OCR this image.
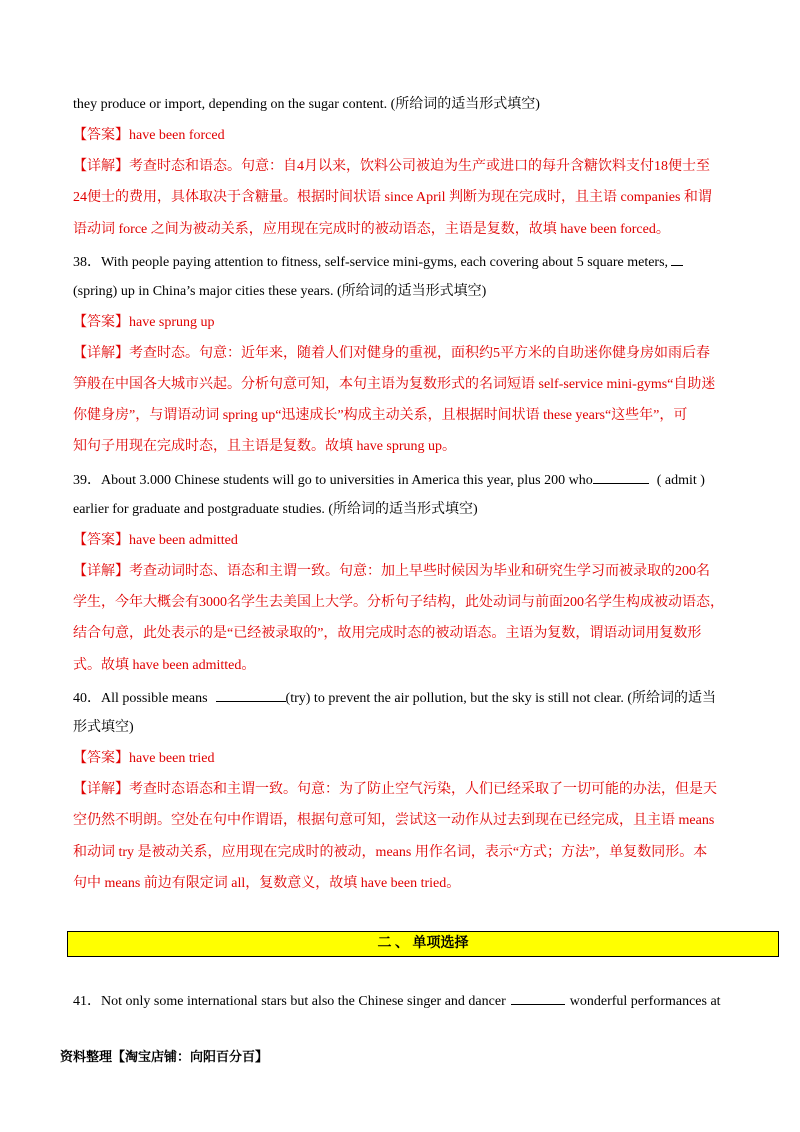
they produce or import, depending on the sugar content. (所给词的适当形式填空)
【答案】have been forced
【详解】考查时态和语态。句意：自4月以来，饮料公司被迫为生产或进口的每升含糖饮料支付18便士至
24便士的费用，具体取决于含糖量。根据时间状语 since April 判断为现在完成时，且主语 companies 和谓
语动词 force 之间为被动关系，应用现在完成时的被动语态，主语是复数，故填 have been forced。
38．With people paying attention to fitness, self-service mini-gyms, each covering about 5 square meters,
(spring) up in China’s major cities these years. (所给词的适当形式填空)
【答案】have sprung up
【详解】考查时态。句意：近年来，随着人们对健身的重视，面积约5平方米的自助迷你健身房如雨后春
笋般在中国各大城市兴起。分析句意可知，本句主语为复数形式的名词短语 self-service mini-gyms“自助迷
你健身房”，与谓语动词 spring up“迅速成长”构成主动关系，且根据时间状语 these years“这些年”，可
知句子用现在完成时态，且主语是复数。故填 have sprung up。
39．About 3.000 Chinese students will go to universities in America this year, plus 200 who	( admit )
earlier for graduate and postgraduate studies. (所给词的适当形式填空)
【答案】have been admitted
【详解】考查动词时态、语态和主谓一致。句意：加上早些时候因为毕业和研究生学习而被录取的200名
学生，今年大概会有3000名学生去美国上大学。分析句子结构，此处动词与前面200名学生构成被动语态，
结合句意，此处表示的是“已经被录取的”，故用完成时态的被动语态。主语为复数，谓语动词用复数形
式。故填 have been admitted。
40．All possible means	(try) to prevent the air pollution, but the sky is still not clear. (所给词的适当
形式填空)
【答案】have been tried
【详解】考查时态语态和主谓一致。句意：为了防止空气污染，人们已经采取了一切可能的办法，但是天
空仍然不明朗。空处在句中作谓语，根据句意可知，尝试这一动作从过去到现在已经完成，且主语 means
和动词 try 是被动关系，应用现在完成时的被动，means 用作名词，表示“方式；方法”，单复数同形。本
句中 means 前边有限定词 all，复数意义，故填 have been tried。
二 、 单项选择
41．Not only some international stars but also the Chinese singer and dancer	wonderful performances at
资料整理【淘宝店铺：向阳百分百】
